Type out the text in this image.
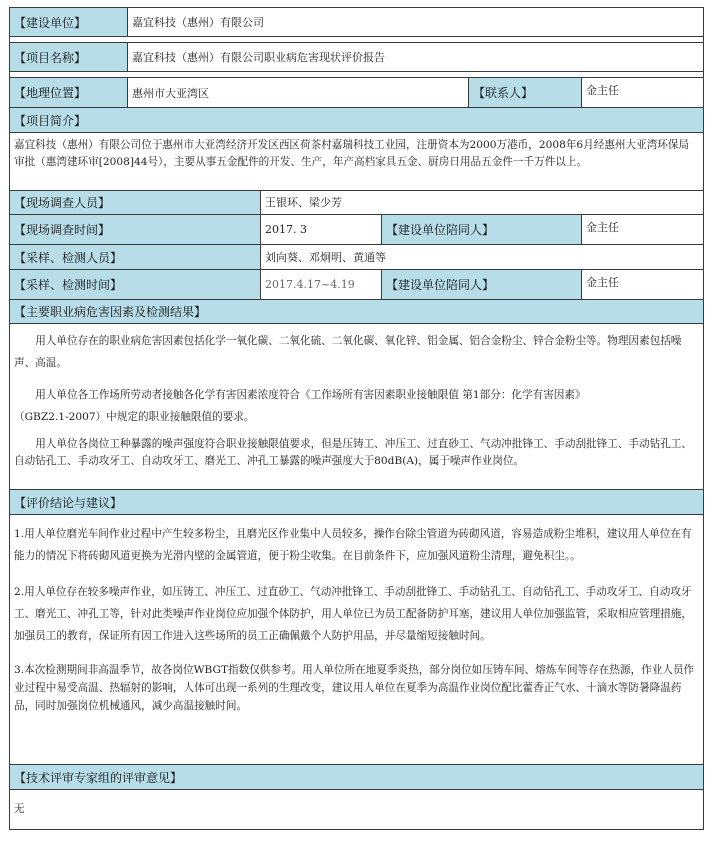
【建设单位】	嘉宜科技（惠州）有限公司				

【项目名称】	嘉宜科技（惠州）有限公司职业病危害现状评价报告				

【地理位置】	惠州市大亚湾区			【联系人】	金主任
【项目简介】					
嘉宜科技（惠州）有限公司位于惠州市大亚湾经济开发区西区荷茶村嘉瑞科技工业园，注册资本为2000万港币，2008年6月经惠州大亚湾环保局审批（惠湾建环审[2008]44号），主要从事五金配件的开发、生产，年产高档家具五金、厨房日用品五金件一千万件以上。					
【现场调查人员】		王银环、梁少芳			
【现场调查时间】		2017. 3	【建设单位陪同人】		金主任
【采样、检测人员】		刘向葵、邓炯明、黄通等			
【采样、检测时间】		2017.4.17~4.19	【建设单位陪同人】		金主任
【主要职业病危害因素及检测结果】					

用人单位存在的职业病危害因素包括化学一氧化碳、二氧化硫、二氧化碳、氧化锌、铝金属、铝合金粉尘、锌合金粉尘等。物理因素包括噪声、高温。

用人单位各工作场所劳动者接触各化学有害因素浓度符合《工作场所有害因素职业接触限值 第1部分：化学有害因素》

（GBZ2.1-2007）中规定的职业接触限值的要求。

用人单位各岗位工种暴露的噪声强度符合职业接触限值要求，但是压铸工、冲压工、过直砂工、气动冲批锋工、手动刮批锋工、手动钻孔工、自动钻孔工、手动攻牙工、自动攻牙工、磨光工、冲孔工暴露的噪声强度大于80dB(A)，属于噪声作业岗位。					

【评价结论与建议】					

1.用人单位磨光车间作业过程中产生较多粉尘，且磨光区作业集中人员较多，操作台除尘管道为砖砌风道，容易造成粉尘堆积，建议用人单位在有能力的情况下将砖砌风道更换为光滑内壁的金属管道，便于粉尘收集。在目前条件下，应加强风道粉尘清理，避免积尘。。

2.用人单位存在较多噪声作业，如压铸工、冲压工、过直砂工、气动冲批锋工、手动刮批锋工、手动钻孔工、自动钻孔工、手动攻牙工、自动攻牙工、磨光工、冲孔工等，针对此类噪声作业岗位应加强个体防护，用人单位已为员工配备防护耳塞，建议用人单位加强监管，采取相应管理措施，加强员工的教育，保证所有因工作进入这些场所的员工正确佩戴个人防护用品，并尽量缩短接触时间。

3.本次检测期间非高温季节，故各岗位WBGT指数仅供参考。用人单位所在地夏季炎热，部分岗位如压铸车间、熔炼车间等存在热源，作业人员作业过程中易受高温、热辐射的影响，人体可出现一系列的生理改变，建议用人单位在夏季为高温作业岗位配比藿香正气水、十滴水等防暑降温药品，同时加强岗位机械通风，减少高温接触时间。					

【技术评审专家组的评审意见】					
无					
